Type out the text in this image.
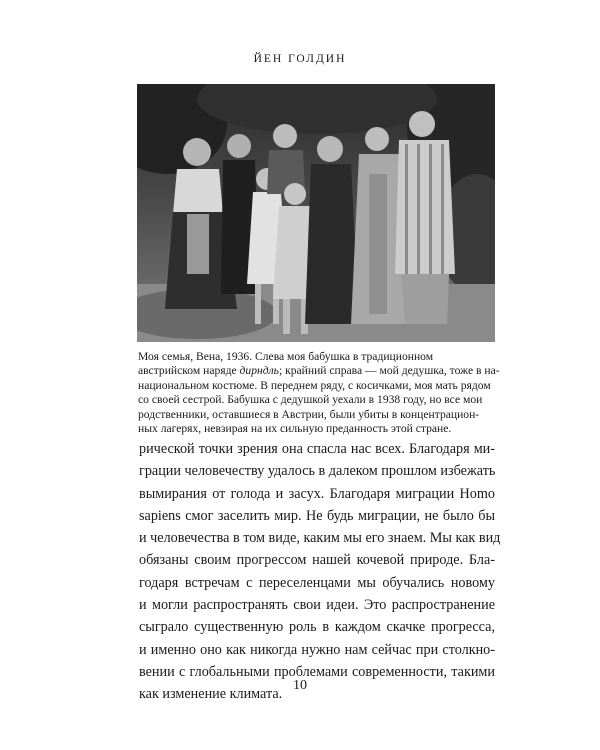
ЙЕН ГОЛДИН
Моя семья, Вена, 1936. Слева моя бабушка в традиционном
австрийском наряде дирндль; крайний справа — мой дедушка, тоже в на-
национальном костюме. В переднем ряду, с косичками, моя мать рядом
со своей сестрой. Бабушка с дедушкой уехали в 1938 году, но все мои
родственники, оставшиеся в Австрии, были убиты в концентрацион-
ных лагерях, невзирая на их сильную преданность этой стране.
рической точки зрения она спасла нас всех. Благодаря ми-
грации человечеству удалось в далеком прошлом избежать
вымирания от голода и засух. Благодаря миграции Homo
sapiens смог заселить мир. Не будь миграции, не было бы
и человечества в том виде, каким мы его знаем. Мы как вид
обязаны своим прогрессом нашей кочевой природе. Бла-
годаря встречам с переселенцами мы обучались новому
и могли распространять свои идеи. Это распространение
сыграло существенную роль в каждом скачке прогресса,
и именно оно как никогда нужно нам сейчас при столкно-
вении с глобальными проблемами современности, такими
как изменение климата.
10
